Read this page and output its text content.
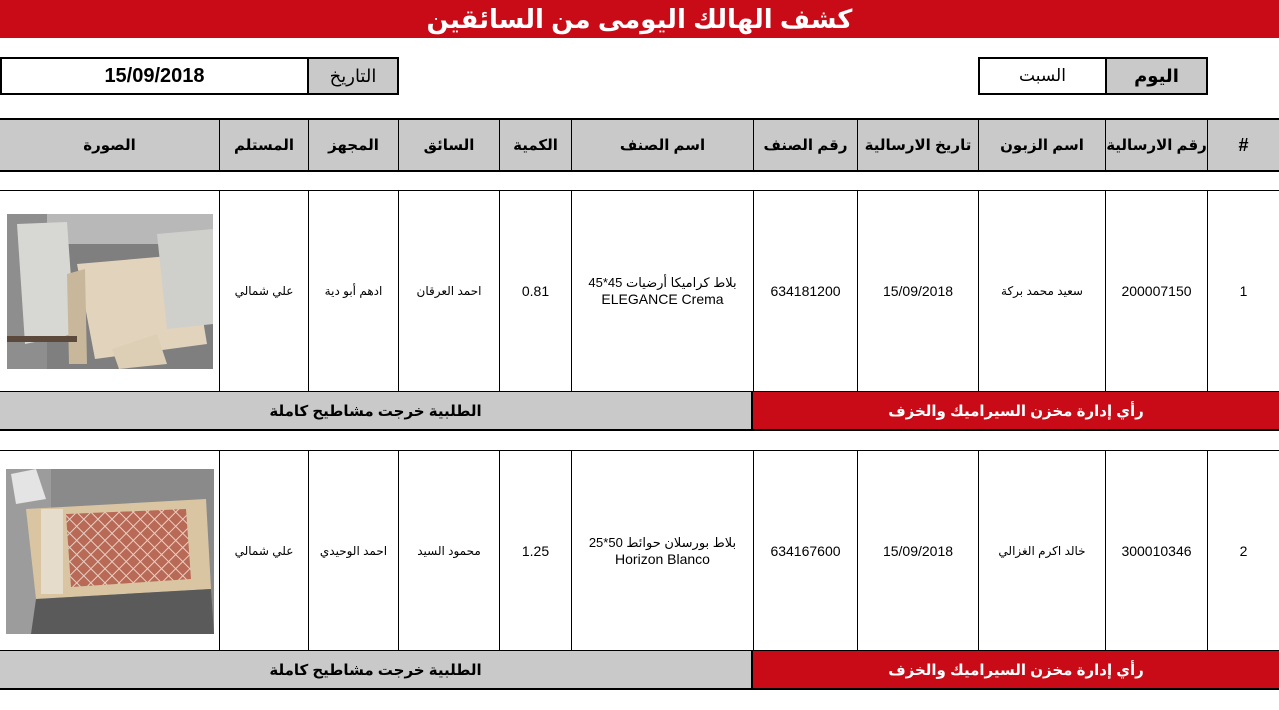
كشف الهالك اليومى من السائقين
اليوم
السبت
التاريخ
15/09/2018
#
رقم الارسالية
اسم الزبون
تاريخ الارسالية
رقم الصنف
اسم الصنف
الكمية
السائق
المجهز
المستلم
الصورة
1
200007150
سعيد محمد بركة
15/09/2018
634181200
بلاط كراميكا أرضيات 45*45
ELEGANCE Crema
0.81
احمد العرقان
ادهم أبو دية
علي شمالي
الطلبية خرجت مشاطيح كاملة	رأي إدارة مخزن السيراميك والخزف
2
300010346
خالد اكرم الغزالي
15/09/2018
634167600
بلاط بورسلان حوائط 50*25
Horizon Blanco
1.25
محمود السيد
احمد الوحيدي
علي شمالي
الطلبية خرجت مشاطيح كاملة	رأي إدارة مخزن السيراميك والخزف
